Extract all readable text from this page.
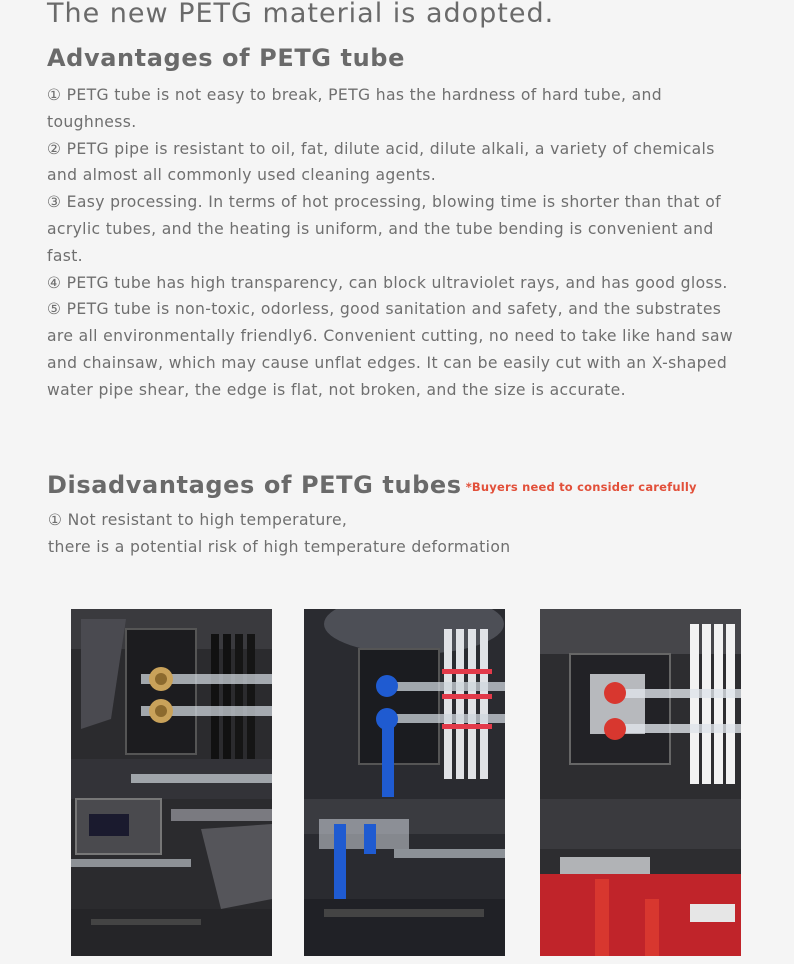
The new PETG material is adopted.
Advantages of PETG tube

① PETG tube is not easy to break, PETG has the hardness of hard tube, and toughness.

② PETG pipe is resistant to oil, fat, dilute acid, dilute alkali, a variety of chemicals and almost all commonly used cleaning agents.

③ Easy processing. In terms of hot processing, blowing time is shorter than that of acrylic tubes, and the heating is uniform, and the tube bending is convenient and fast.

④ PETG tube has high transparency, can block ultraviolet rays, and has good gloss.

⑤ PETG tube is non-toxic, odorless, good sanitation and safety, and the substrates are all environmentally friendly6. Convenient cutting, no need to take like hand saw and chainsaw, which may cause unflat edges. It can be easily cut with an X-shaped water pipe shear, the edge is flat, not broken, and the size is accurate.

Disadvantages of PETG tubes *Buyers need to consider carefully

① Not resistant to high temperature,

there is a potential risk of high temperature deformation
